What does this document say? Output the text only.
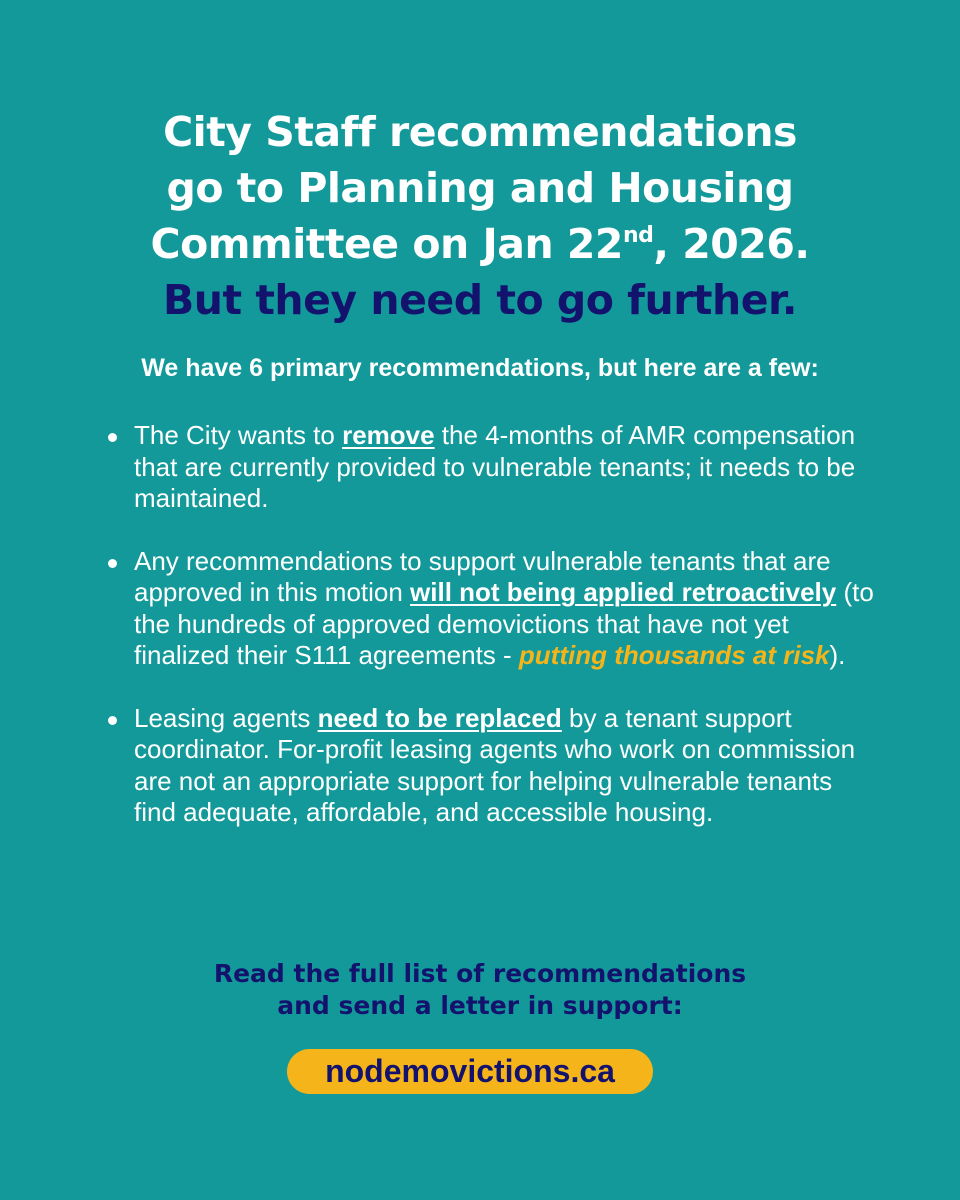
City Staff recommendations
go to Planning and Housing
Committee on Jan 22nd, 2026.
But they need to go further.
We have 6 primary recommendations, but here are a few:
The City wants to remove the 4-months of AMR compensation that are currently provided to vulnerable tenants; it needs to be maintained.
Any recommendations to support vulnerable tenants that are approved in this motion will not being applied retroactively (to the hundreds of approved demovictions that have not yet finalized their S111 agreements - putting thousands at risk).
Leasing agents need to be replaced by a tenant support coordinator. For-profit leasing agents who work on commission are not an appropriate support for helping vulnerable tenants find adequate, affordable, and accessible housing.
Read the full list of recommendations
and send a letter in support:
nodemovictions.ca
